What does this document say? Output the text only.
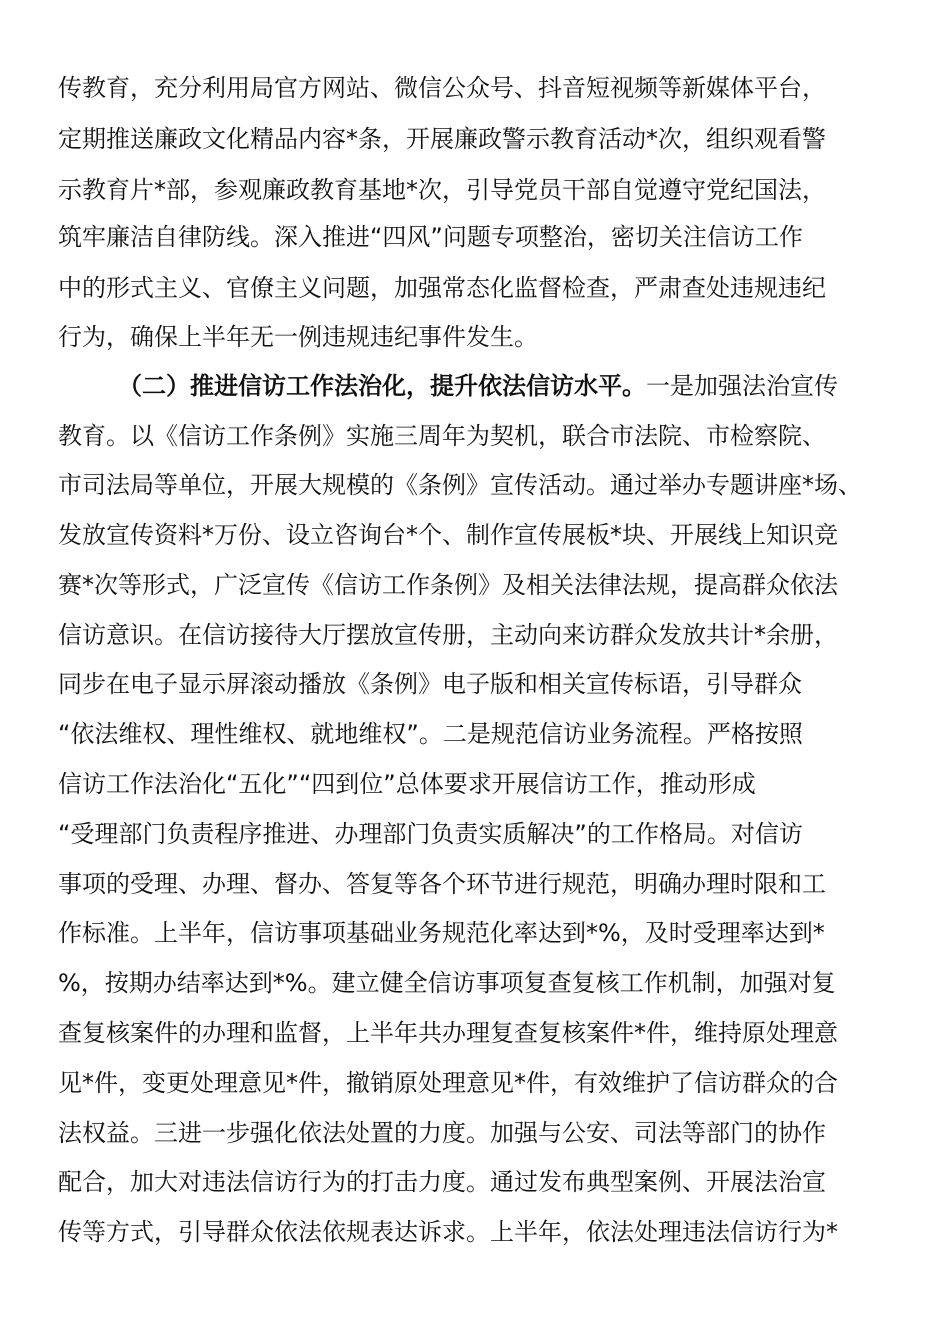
传教育，充分利用局官方网站、微信公众号、抖音短视频等新媒体平台，
定期推送廉政文化精品内容*条，开展廉政警示教育活动*次，组织观看警
示教育片*部，参观廉政教育基地*次，引导党员干部自觉遵守党纪国法，
筑牢廉洁自律防线。深入推进“四风”问题专项整治，密切关注信访工作
中的形式主义、官僚主义问题，加强常态化监督检查，严肃查处违规违纪
行为，确保上半年无一例违规违纪事件发生。
（二）推进信访工作法治化，提升依法信访水平。一是加强法治宣传
教育。以《信访工作条例》实施三周年为契机，联合市法院、市检察院、
市司法局等单位，开展大规模的《条例》宣传活动。通过举办专题讲座*场、
发放宣传资料*万份、设立咨询台*个、制作宣传展板*块、开展线上知识竞
赛*次等形式，广泛宣传《信访工作条例》及相关法律法规，提高群众依法
信访意识。在信访接待大厅摆放宣传册，主动向来访群众发放共计*余册，
同步在电子显示屏滚动播放《条例》电子版和相关宣传标语，引导群众
“依法维权、理性维权、就地维权”。二是规范信访业务流程。严格按照
信访工作法治化“五化”“四到位”总体要求开展信访工作，推动形成
“受理部门负责程序推进、办理部门负责实质解决”的工作格局。对信访
事项的受理、办理、督办、答复等各个环节进行规范，明确办理时限和工
作标准。上半年，信访事项基础业务规范化率达到*%，及时受理率达到*
%，按期办结率达到*%。建立健全信访事项复查复核工作机制，加强对复
查复核案件的办理和监督，上半年共办理复查复核案件*件，维持原处理意
见*件，变更处理意见*件，撤销原处理意见*件，有效维护了信访群众的合
法权益。三进一步强化依法处置的力度。加强与公安、司法等部门的协作
配合，加大对违法信访行为的打击力度。通过发布典型案例、开展法治宣
传等方式，引导群众依法依规表达诉求。上半年，依法处理违法信访行为*
